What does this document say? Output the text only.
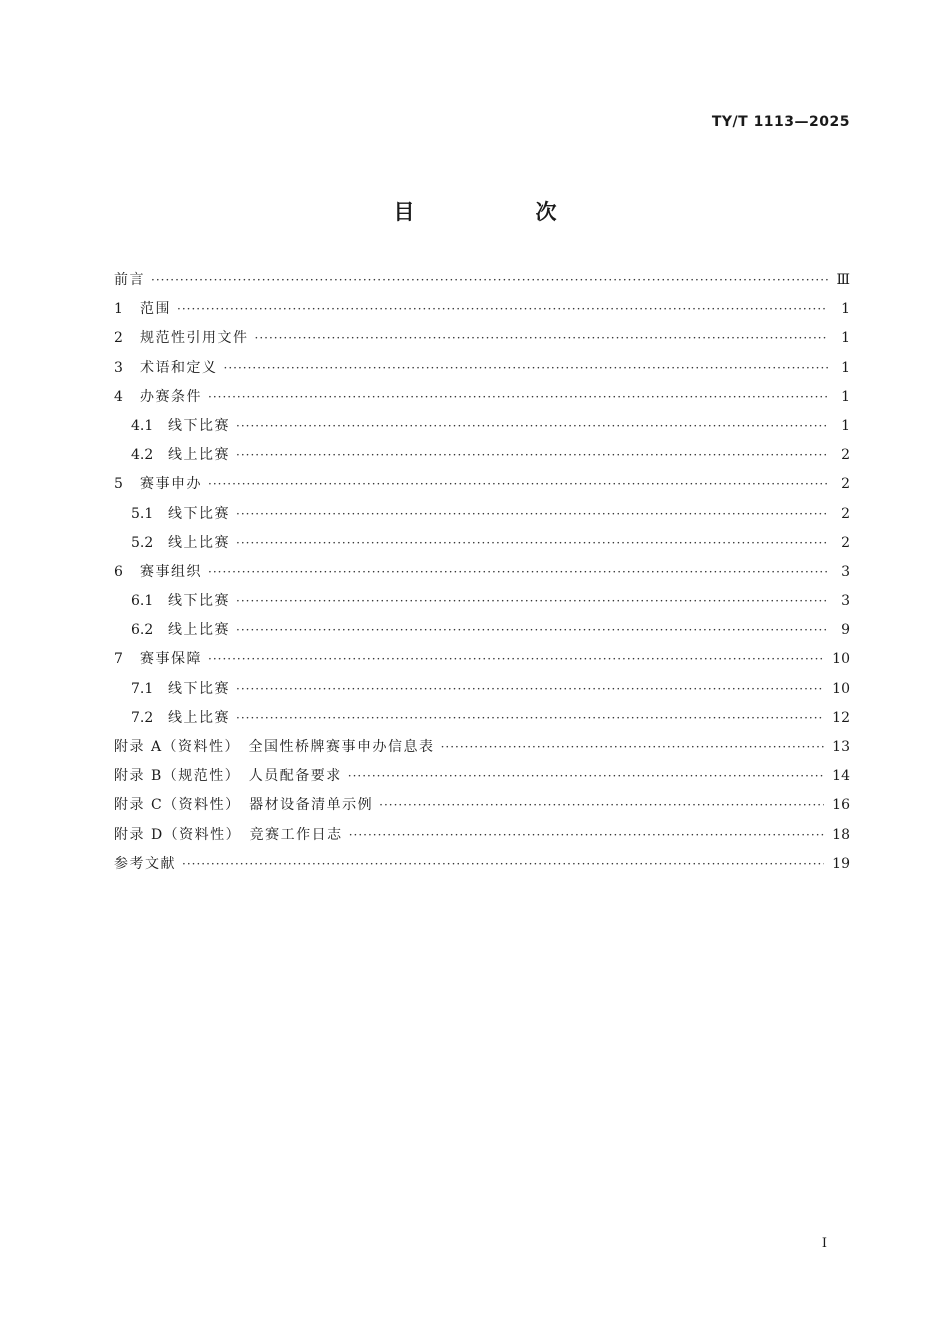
TY/T 1113—2025
目　次
前言 ·····	Ⅲ
1	范围 ·····	1
2	规范性引用文件 ·····	1
3	术语和定义 ·····	1
4	办赛条件 ·····	1
4.1	线下比赛 ·····	1
4.2	线上比赛 ·····	2
5	赛事申办 ·····	2
5.1	线下比赛 ·····	2
5.2	线上比赛 ·····	2
6	赛事组织 ·····	3
6.1	线下比赛 ·····	3
6.2	线上比赛 ·····	9
7	赛事保障 ·····	10
7.1	线下比赛 ·····	10
7.2	线上比赛 ·····	12
附录 A（资料性）　全国性桥牌赛事申办信息表 ·····	13
附录 B（规范性）　人员配备要求 ·····	14
附录 C（资料性）　器材设备清单示例 ·····	16
附录 D（资料性）　竞赛工作日志 ·····	18
参考文献 ·····	19
I
